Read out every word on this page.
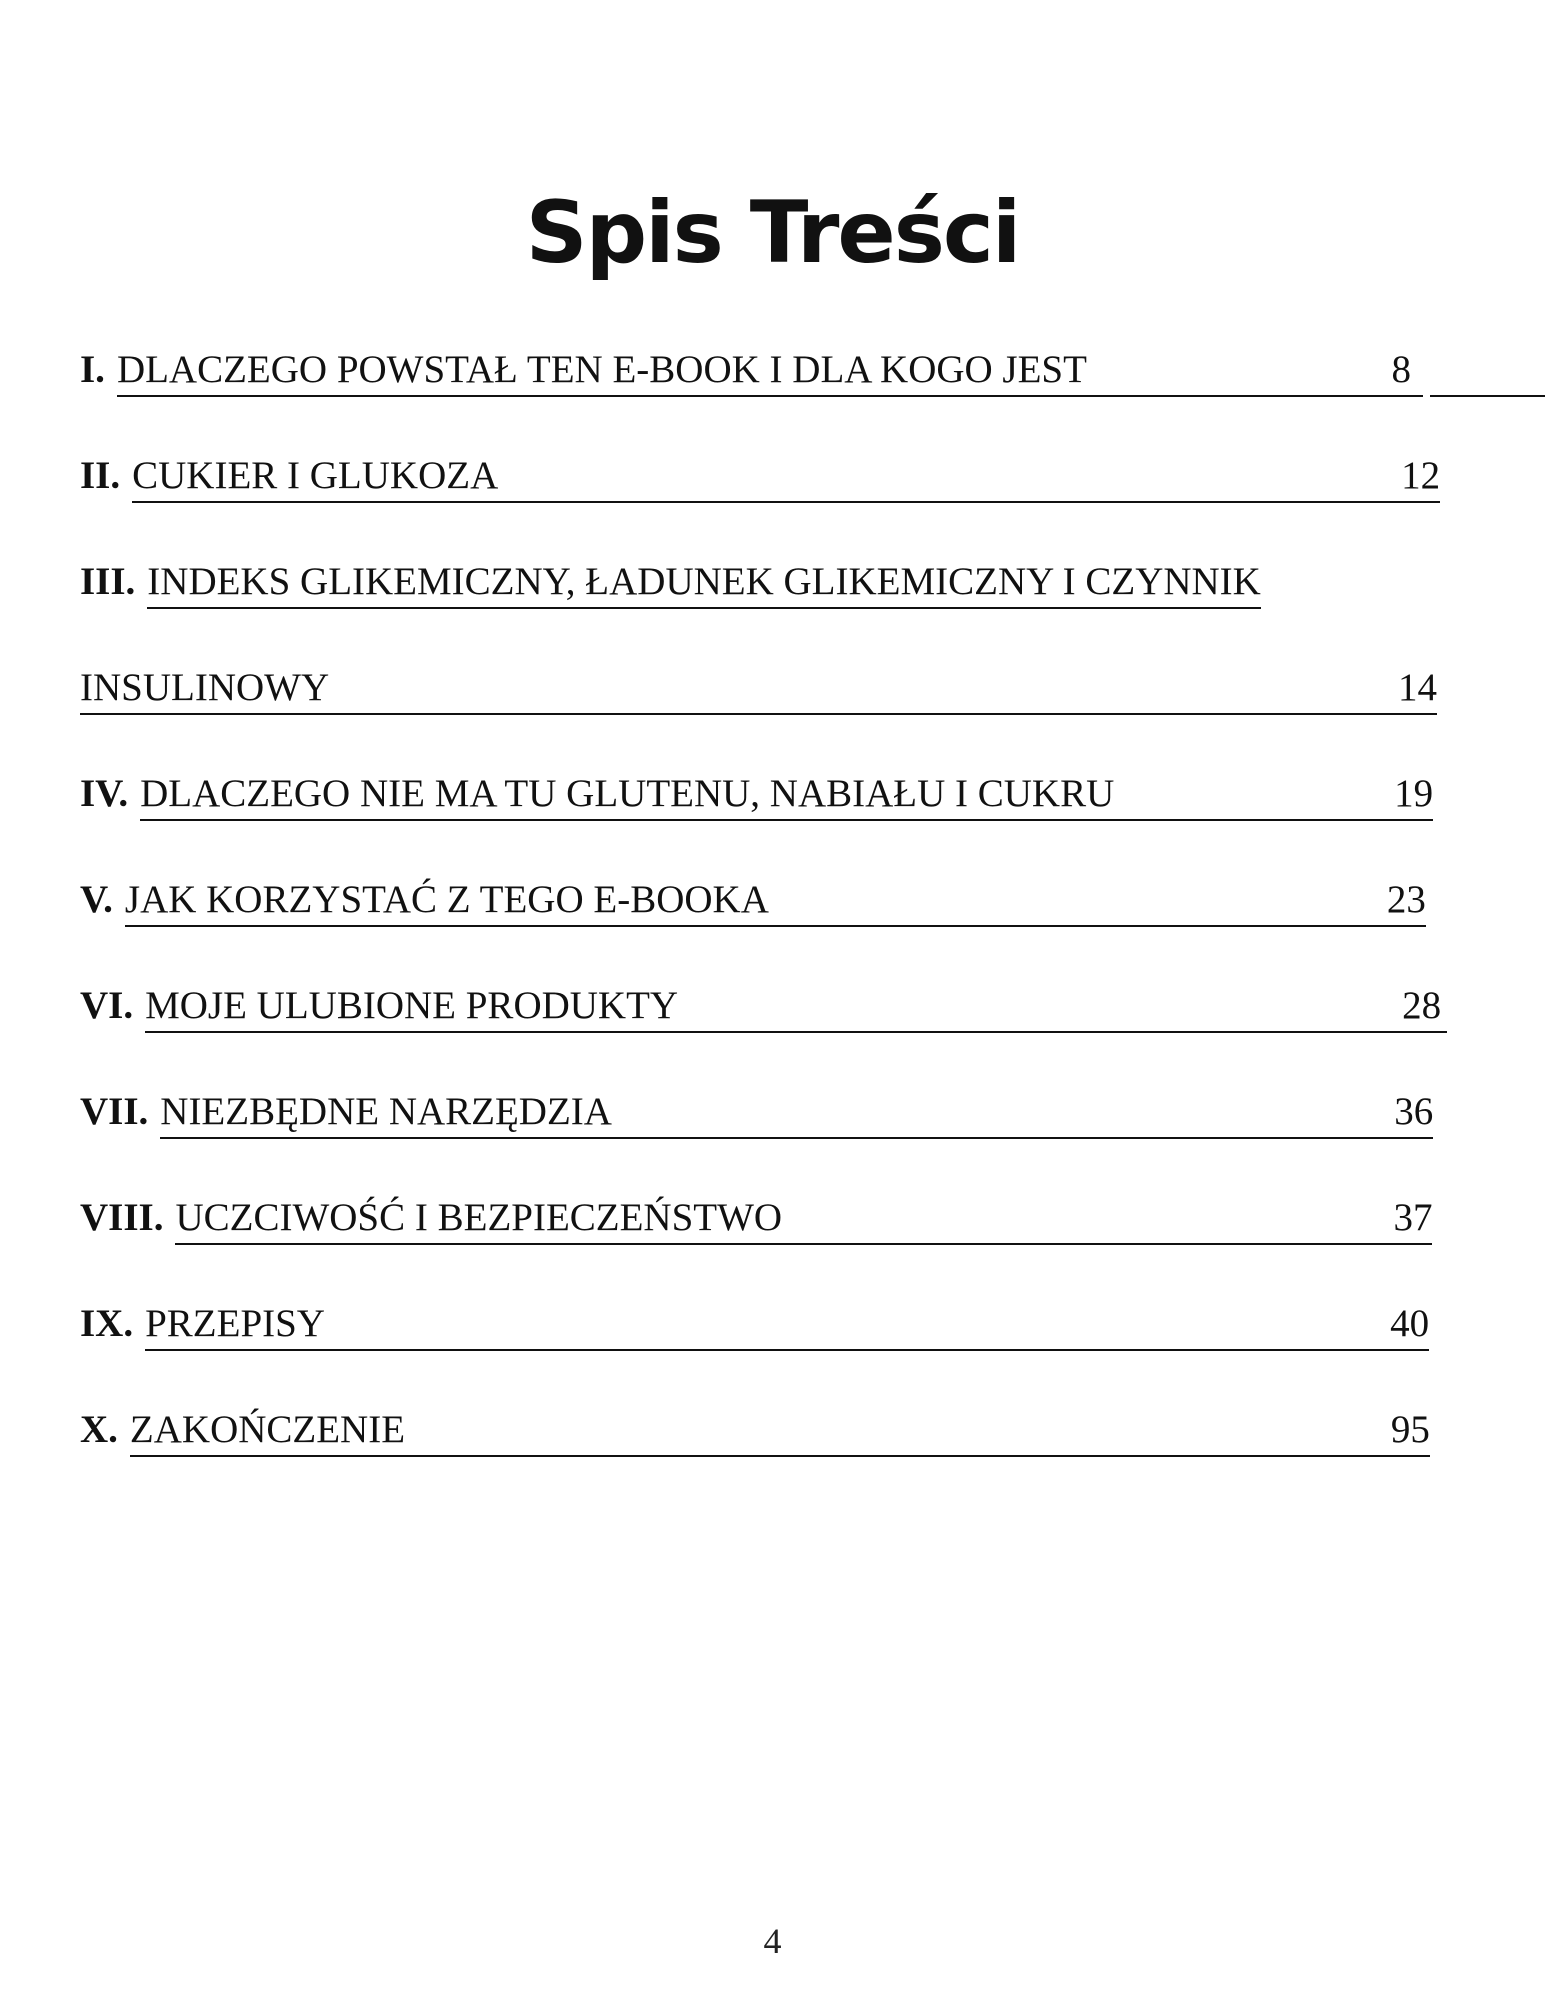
Spis Treści
I. DLACZEGO POWSTAŁ TEN E-BOOK I DLA KOGO JEST	8
II. CUKIER I GLUKOZA	12
III. INDEKS GLIKEMICZNY, ŁADUNEK GLIKEMICZNY I CZYNNIK
INSULINOWY	14
IV. DLACZEGO NIE MA TU GLUTENU, NABIAŁU I CUKRU	19
V. JAK KORZYSTAĆ Z TEGO E-BOOKA	23
VI. MOJE ULUBIONE PRODUKTY	28
VII. NIEZBĘDNE NARZĘDZIA	36
VIII. UCZCIWOŚĆ I BEZPIECZEŃSTWO	37
IX. PRZEPISY	40
X. ZAKOŃCZENIE	95
4
